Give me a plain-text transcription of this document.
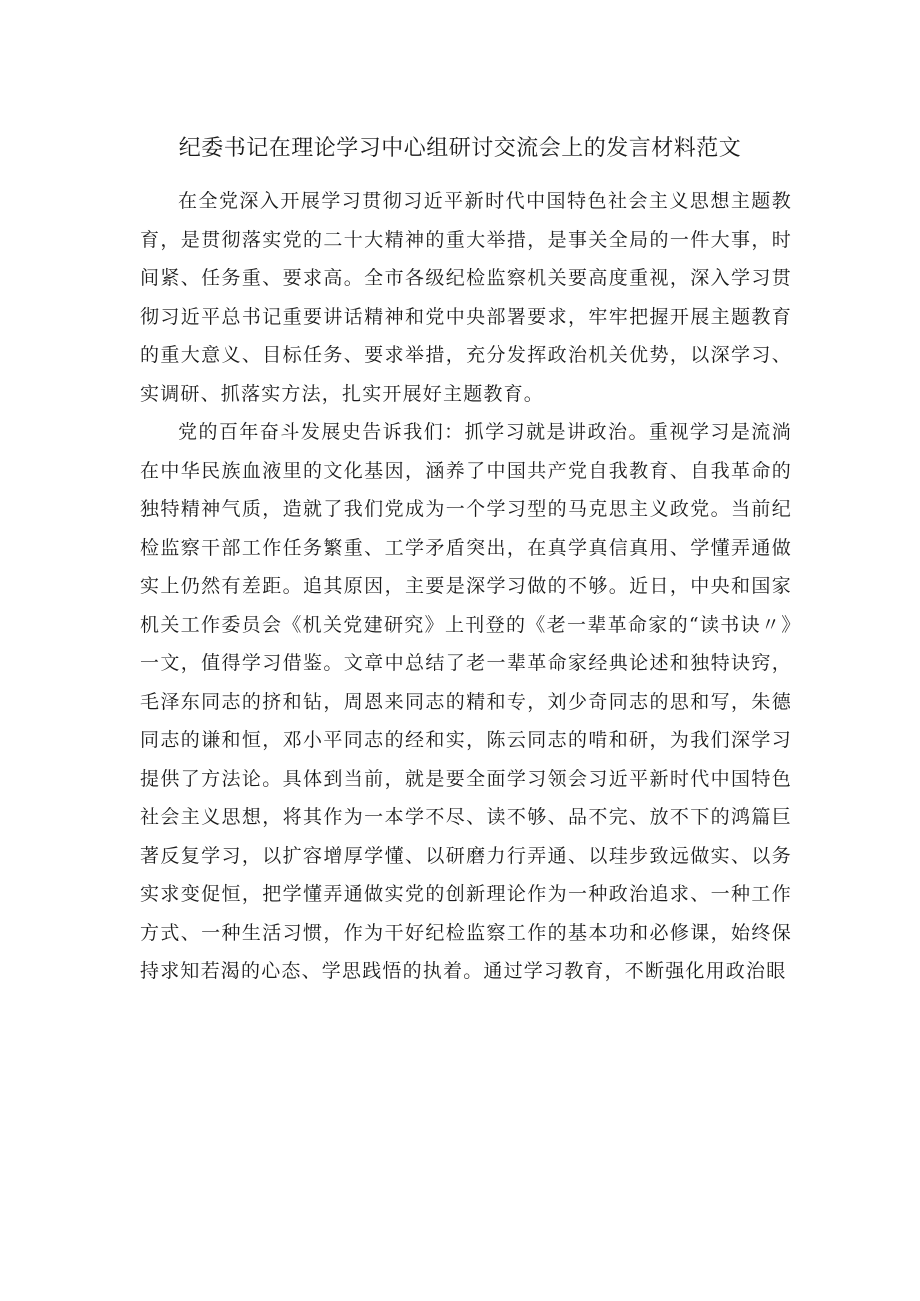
纪委书记在理论学习中心组研讨交流会上的发言材料范文

在全党深入开展学习贯彻习近平新时代中国特色社会主义思想主题教育，是贯彻落实党的二十大精神的重大举措，是事关全局的一件大事，时间紧、任务重、要求高。全市各级纪检监察机关要高度重视，深入学习贯彻习近平总书记重要讲话精神和党中央部署要求，牢牢把握开展主题教育的重大意义、目标任务、要求举措，充分发挥政治机关优势，以深学习、实调研、抓落实方法，扎实开展好主题教育。

党的百年奋斗发展史告诉我们：抓学习就是讲政治。重视学习是流淌在中华民族血液里的文化基因，涵养了中国共产党自我教育、自我革命的独特精神气质，造就了我们党成为一个学习型的马克思主义政党。当前纪检监察干部工作任务繁重、工学矛盾突出，在真学真信真用、学懂弄通做实上仍然有差距。追其原因，主要是深学习做的不够。近日，中央和国家机关工作委员会《机关党建研究》上刊登的《老一辈革命家的“读书诀〃》一文，值得学习借鉴。文章中总结了老一辈革命家经典论述和独特诀窍，毛泽东同志的挤和钻，周恩来同志的精和专，刘少奇同志的思和写，朱德同志的谦和恒，邓小平同志的经和实，陈云同志的啃和研，为我们深学习提供了方法论。具体到当前，就是要全面学习领会习近平新时代中国特色社会主义思想，将其作为一本学不尽、读不够、品不完、放不下的鸿篇巨著反复学习，以扩容增厚学懂、以研磨力行弄通、以珪步致远做实、以务实求变促恒，把学懂弄通做实党的创新理论作为一种政治追求、一种工作方式、一种生活习惯，作为干好纪检监察工作的基本功和必修课，始终保持求知若渴的心态、学思践悟的执着。通过学习教育，不断强化用政治眼
